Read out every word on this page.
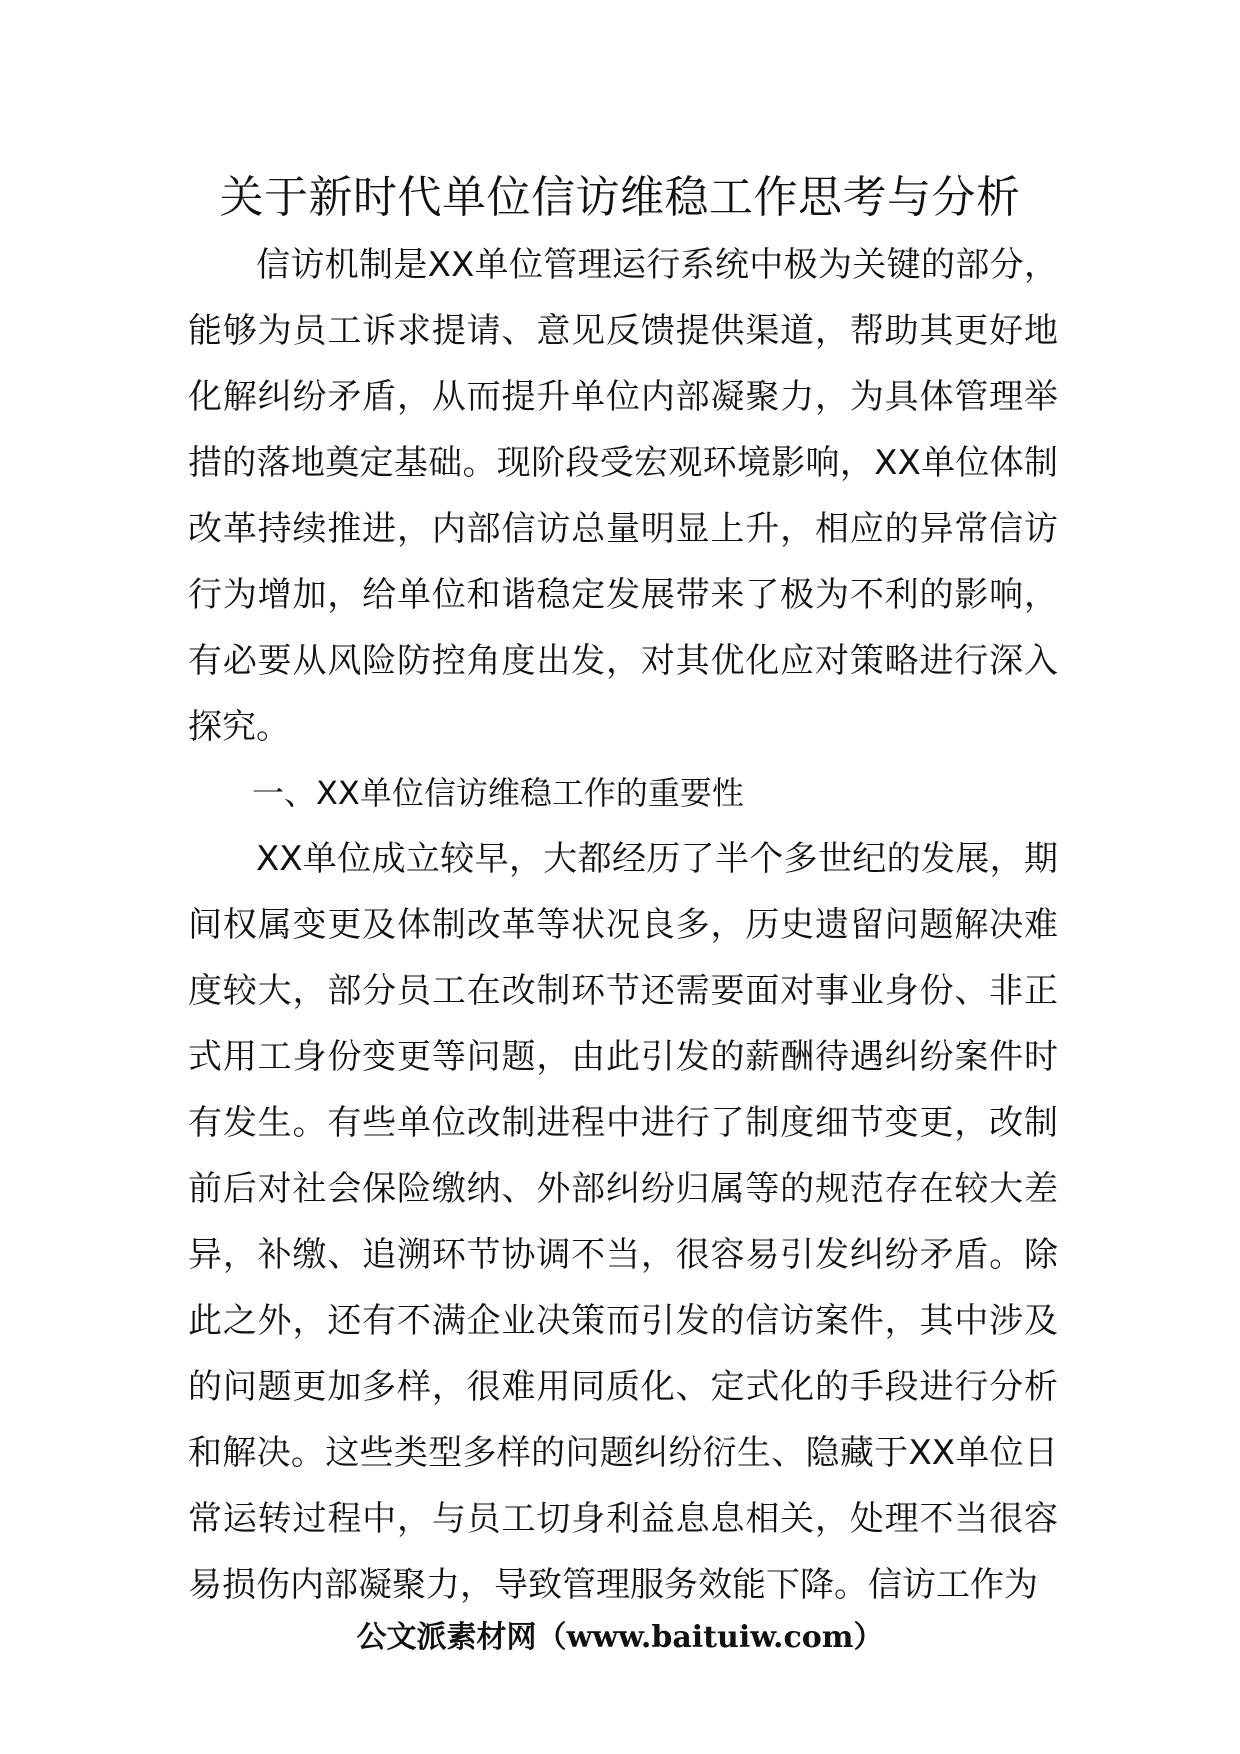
关于新时代单位信访维稳工作思考与分析

信访机制是XX单位管理运行系统中极为关键的部分，能够为员工诉求提请、意见反馈提供渠道，帮助其更好地化解纠纷矛盾，从而提升单位内部凝聚力，为具体管理举措的落地奠定基础。现阶段受宏观环境影响，XX单位体制改革持续推进，内部信访总量明显上升，相应的异常信访行为增加，给单位和谐稳定发展带来了极为不利的影响，有必要从风险防控角度出发，对其优化应对策略进行深入探究。

一、XX单位信访维稳工作的重要性

XX单位成立较早，大都经历了半个多世纪的发展，期间权属变更及体制改革等状况良多，历史遗留问题解决难度较大，部分员工在改制环节还需要面对事业身份、非正式用工身份变更等问题，由此引发的薪酬待遇纠纷案件时有发生。有些单位改制进程中进行了制度细节变更，改制前后对社会保险缴纳、外部纠纷归属等的规范存在较大差异，补缴、追溯环节协调不当，很容易引发纠纷矛盾。除此之外，还有不满企业决策而引发的信访案件，其中涉及的问题更加多样，很难用同质化、定式化的手段进行分析和解决。这些类型多样的问题纠纷衍生、隐藏于XX单位日常运转过程中，与员工切身利益息息相关，处理不当很容易损伤内部凝聚力，导致管理服务效能下降。信访工作为

公文派素材网（www.baituiw.com）
